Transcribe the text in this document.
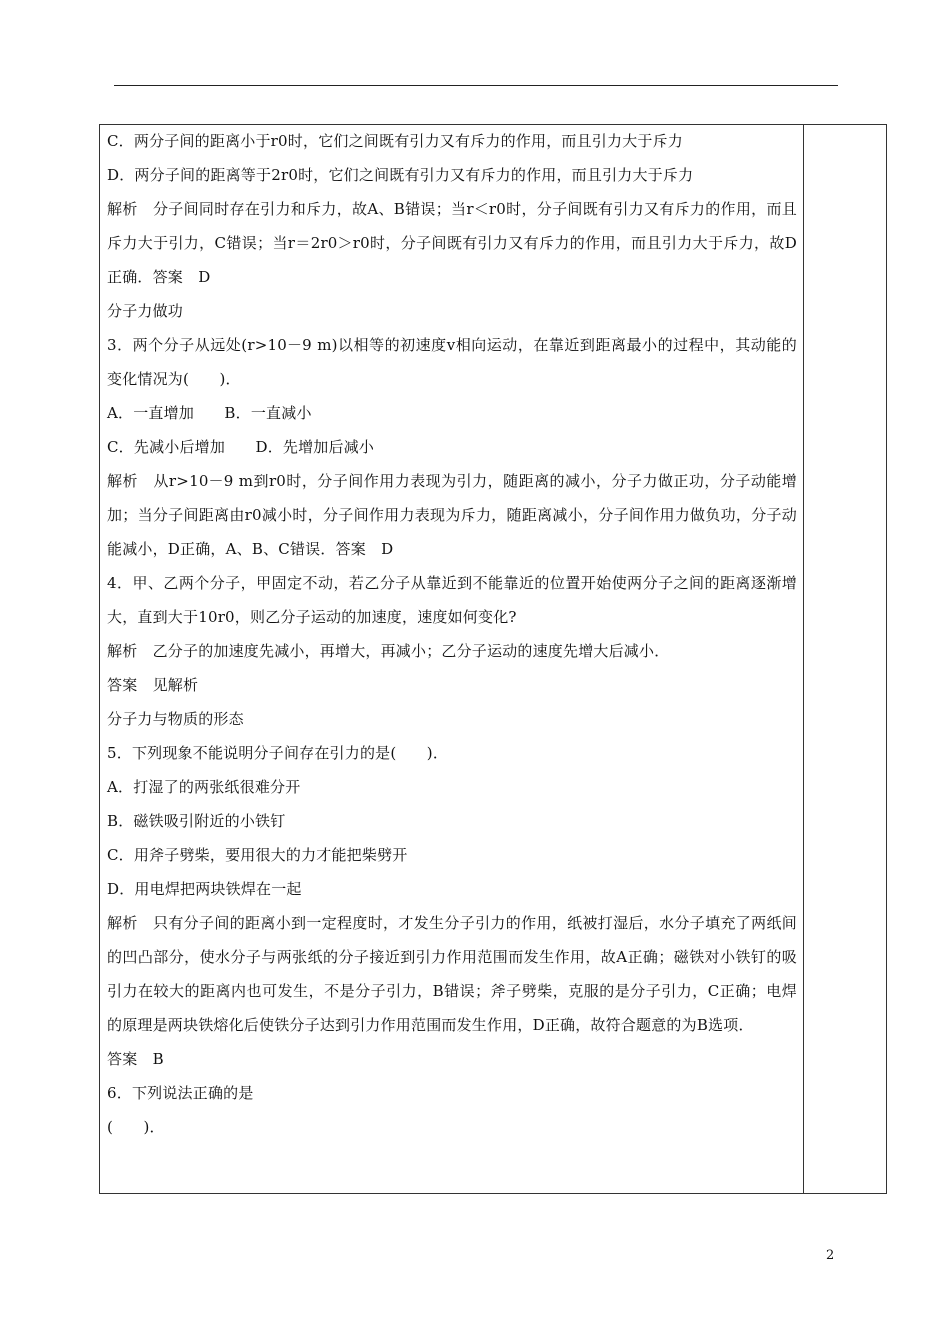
C．两分子间的距离小于r0时，它们之间既有引力又有斥力的作用，而且引力大于斥力

D．两分子间的距离等于2r0时，它们之间既有引力又有斥力的作用，而且引力大于斥力

解析　分子间同时存在引力和斥力，故A、B错误；当r＜r0时，分子间既有引力又有斥力的作用，而且斥力大于引力，C错误；当r＝2r0＞r0时，分子间既有引力又有斥力的作用，而且引力大于斥力，故D正确．答案　D

分子力做功

3．两个分子从远处(r>10－9 m)以相等的初速度v相向运动，在靠近到距离最小的过程中，其动能的变化情况为(　　)．

A．一直增加　　B．一直减小

C．先减小后增加　　D．先增加后减小

解析　从r>10－9 m到r0时，分子间作用力表现为引力，随距离的减小，分子力做正功，分子动能增加；当分子间距离由r0减小时，分子间作用力表现为斥力，随距离减小，分子间作用力做负功，分子动能减小，D正确，A、B、C错误．答案　D

4．甲、乙两个分子，甲固定不动，若乙分子从靠近到不能靠近的位置开始使两分子之间的距离逐渐增大，直到大于10r0，则乙分子运动的加速度，速度如何变化?

解析　乙分子的加速度先减小，再增大，再减小；乙分子运动的速度先增大后减小．

答案　见解析

分子力与物质的形态

5．下列现象不能说明分子间存在引力的是(　　)．

A．打湿了的两张纸很难分开

B．磁铁吸引附近的小铁钉

C．用斧子劈柴，要用很大的力才能把柴劈开

D．用电焊把两块铁焊在一起

解析　只有分子间的距离小到一定程度时，才发生分子引力的作用，纸被打湿后，水分子填充了两纸间的凹凸部分，使水分子与两张纸的分子接近到引力作用范围而发生作用，故A正确；磁铁对小铁钉的吸引力在较大的距离内也可发生，不是分子引力，B错误；斧子劈柴，克服的是分子引力，C正确；电焊的原理是两块铁熔化后使铁分子达到引力作用范围而发生作用，D正确，故符合题意的为B选项．

答案　B

6．下列说法正确的是

(　　)．

2
